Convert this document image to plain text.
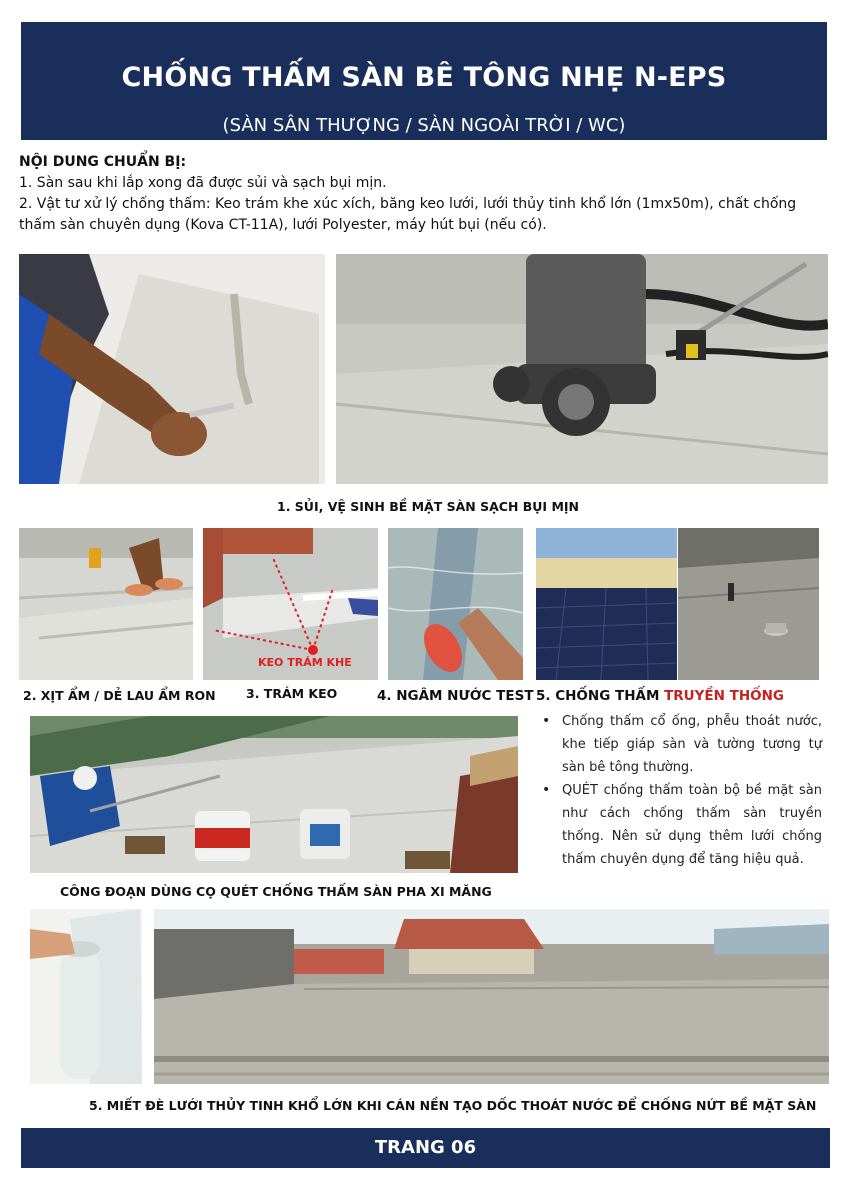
CHỐNG THẤM SÀN BÊ TÔNG NHẸ N-EPS
(SÀN SÂN THƯỢNG / SÀN NGOÀI TRỜI / WC)
NỘI DUNG CHUẨN BỊ:
1. Sàn sau khi lắp xong đã được sủi và sạch bụi mịn.
2. Vật tư xử lý chống thấm: Keo trám khe xúc xích, băng keo lưới, lưới thủy tinh khổ lớn (1mx50m), chất chống thấm sàn chuyên dụng (Kova CT-11A), lưới Polyester, máy hút bụi (nếu có).
1. SỦI, VỆ SINH BỀ MẶT SÀN SẠCH BỤI MỊN
2. XỊT ẨM / DẺ LAU ẨM RON 3. TRÁM KEO	4. NGÂM NƯỚC TEST 5. CHỐNG THẤM TRUYỀN THỐNG
KEO TRÁM KHE
CÔNG ĐOẠN DÙNG CỌ QUÉT CHỐNG THẤM SÀN PHA XI MĂNG
• Chống thấm cổ ống, phễu thoát nước, khe tiếp giáp sàn và tường tương tự sàn bê tông thường.
• QUÉT chống thấm toàn bộ bề mặt sàn như cách chống thấm sàn truyền thống. Nên sử dụng thêm lưới chống thấm chuyên dụng để tăng hiệu quả.
5. MIẾT ĐÈ LƯỚI THỦY TINH KHỔ LỚN KHI CÁN NỀN TẠO DỐC THOÁT NƯỚC ĐỂ CHỐNG NỨT BỀ MẶT SÀN
TRANG 06
